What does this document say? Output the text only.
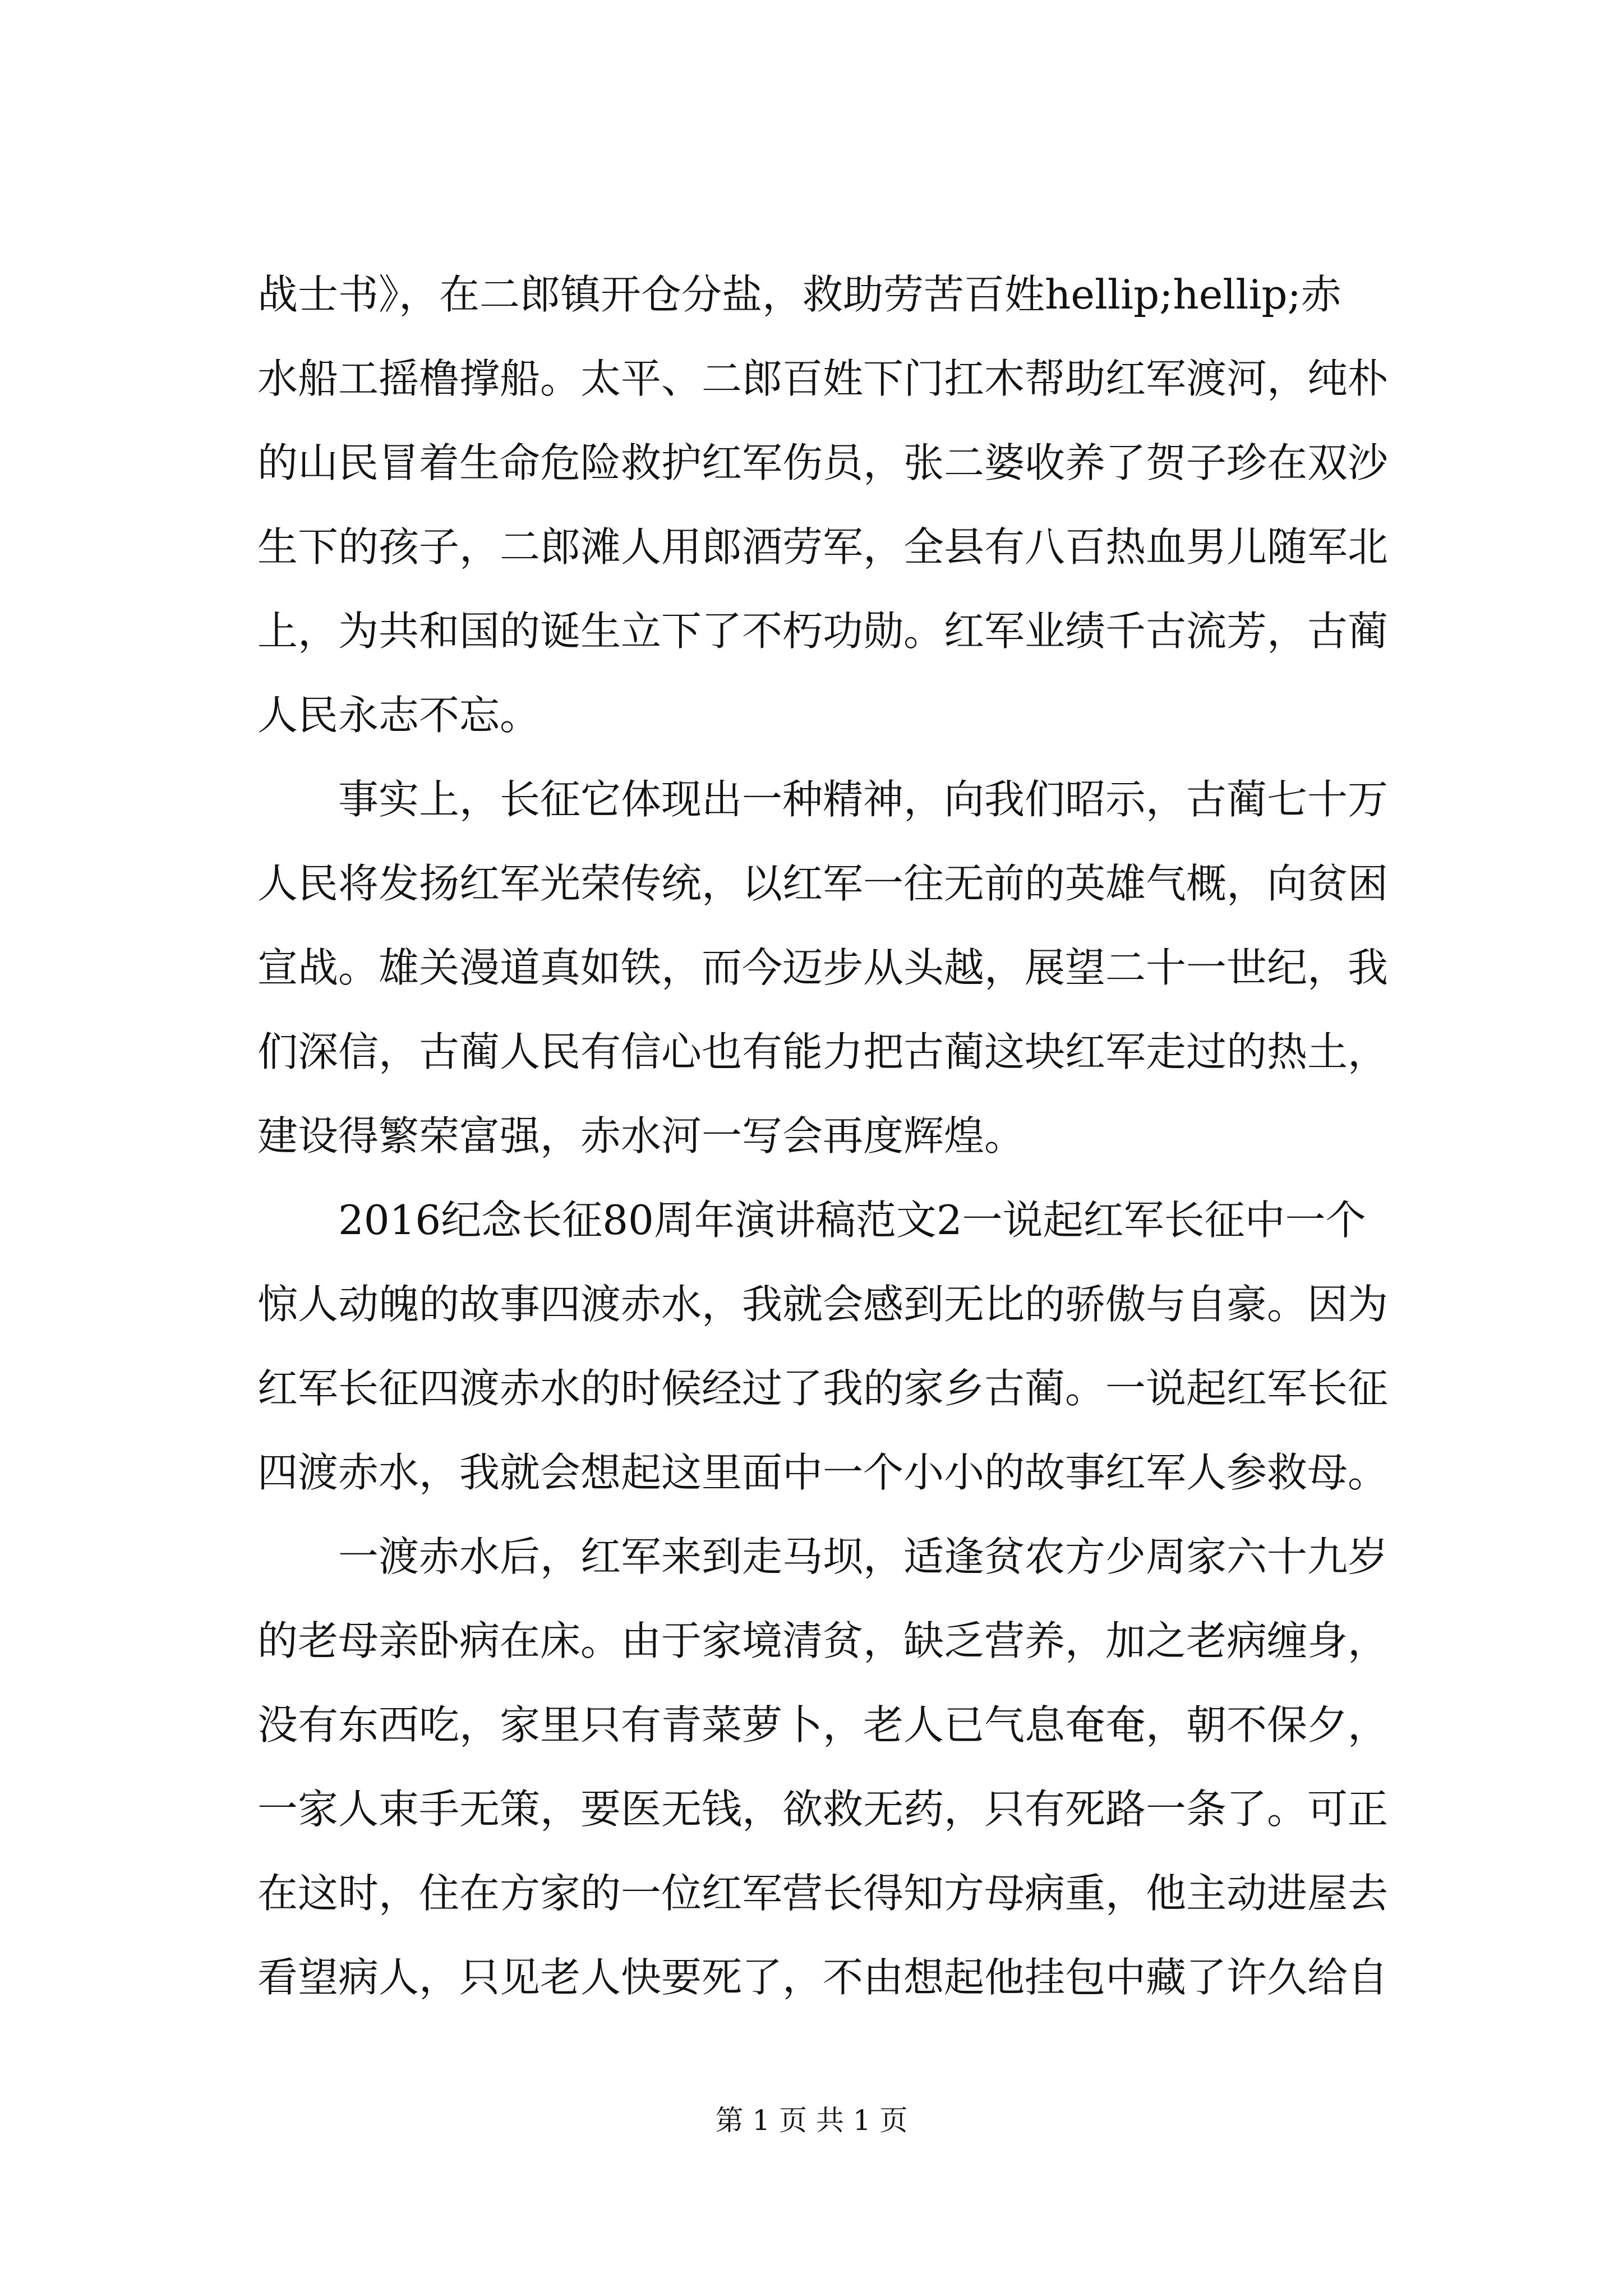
战士书》，在二郎镇开仓分盐，救助劳苦百姓hellip;hellip;赤
水船工摇橹撑船。太平、二郎百姓下门扛木帮助红军渡河，纯朴
的山民冒着生命危险救护红军伤员，张二婆收养了贺子珍在双沙
生下的孩子，二郎滩人用郎酒劳军，全县有八百热血男儿随军北
上，为共和国的诞生立下了不朽功勋。红军业绩千古流芳，古蔺
人民永志不忘。
事实上，长征它体现出一种精神，向我们昭示，古蔺七十万
人民将发扬红军光荣传统，以红军一往无前的英雄气概，向贫困
宣战。雄关漫道真如铁，而今迈步从头越，展望二十一世纪，我
们深信，古蔺人民有信心也有能力把古蔺这块红军走过的热土，
建设得繁荣富强，赤水河一写会再度辉煌。
2016纪念长征80周年演讲稿范文2一说起红军长征中一个
惊人动魄的故事四渡赤水，我就会感到无比的骄傲与自豪。因为
红军长征四渡赤水的时候经过了我的家乡古蔺。一说起红军长征
四渡赤水，我就会想起这里面中一个小小的故事红军人参救母。
一渡赤水后，红军来到走马坝，适逢贫农方少周家六十九岁
的老母亲卧病在床。由于家境清贫，缺乏营养，加之老病缠身，
没有东西吃，家里只有青菜萝卜，老人已气息奄奄，朝不保夕，
一家人束手无策，要医无钱，欲救无药，只有死路一条了。可正
在这时，住在方家的一位红军营长得知方母病重，他主动进屋去
看望病人，只见老人快要死了，不由想起他挂包中藏了许久给自
第 1 页 共 1 页
